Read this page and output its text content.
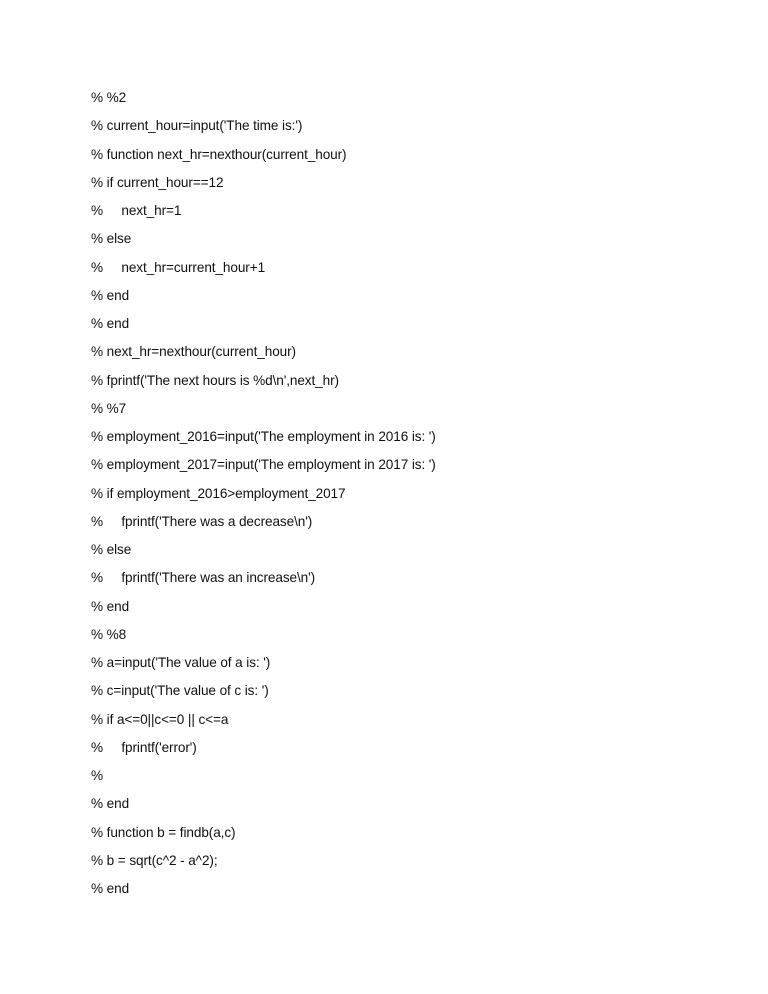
% %2
% current_hour=input('The time is:')
% function next_hr=nexthour(current_hour)
% if current_hour==12
%     next_hr=1
% else
%     next_hr=current_hour+1
% end
% end
% next_hr=nexthour(current_hour)
% fprintf('The next hours is %d\n',next_hr)
% %7
% employment_2016=input('The employment in 2016 is: ')
% employment_2017=input('The employment in 2017 is: ')
% if employment_2016>employment_2017
%     fprintf('There was a decrease\n')
% else
%     fprintf('There was an increase\n')
% end
% %8
% a=input('The value of a is: ')
% c=input('The value of c is: ')
% if a<=0||c<=0 || c<=a
%     fprintf('error')
%
% end
% function b = findb(a,c)
% b = sqrt(c^2 - a^2);
% end
